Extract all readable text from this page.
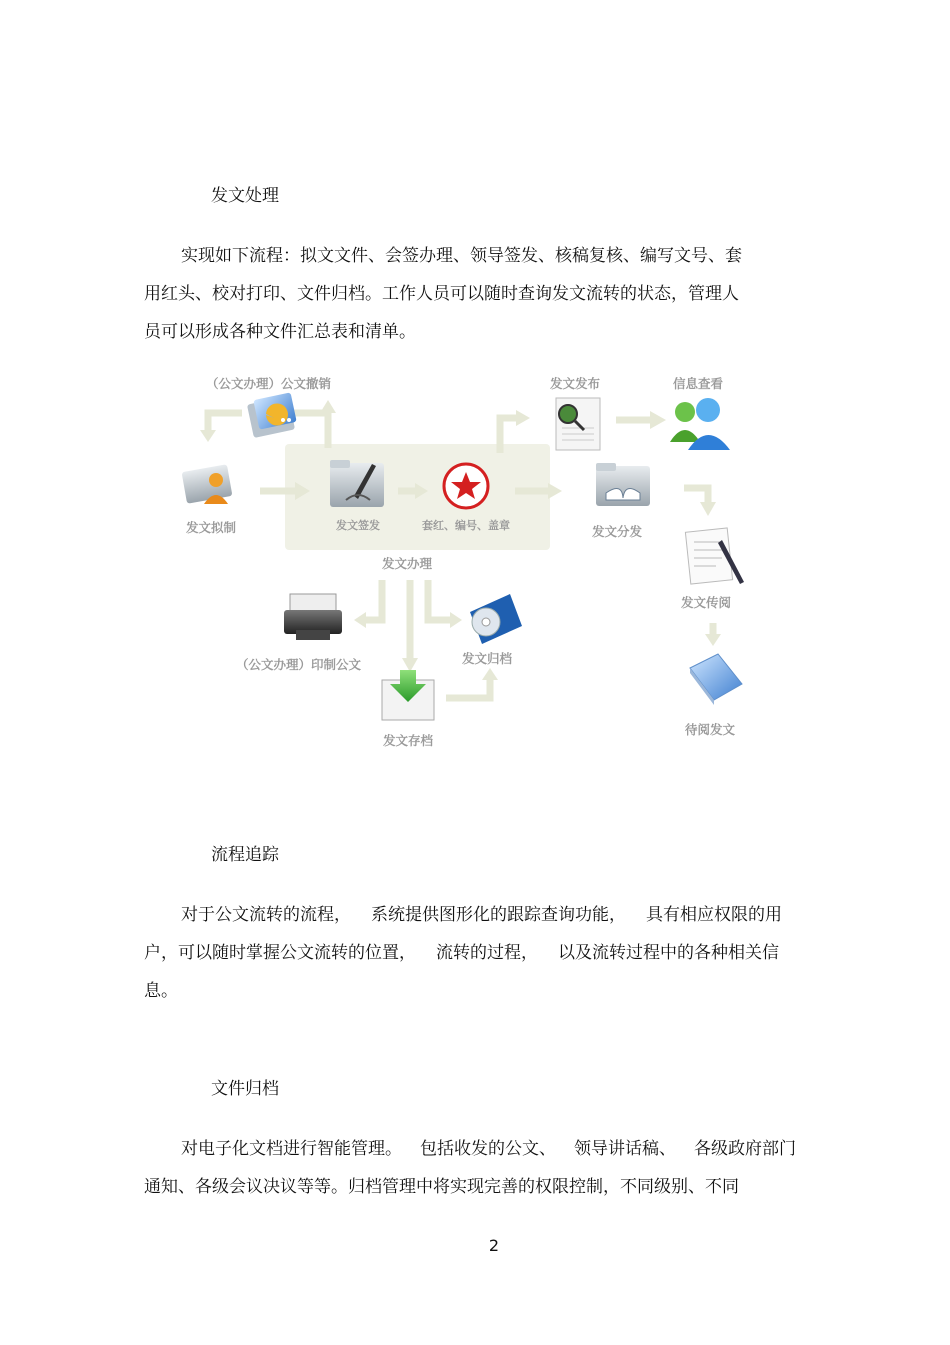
发文处理
实现如下流程：拟文文件、会签办理、领导签发、核稿复核、编写文号、套
用红头、校对打印、文件归档。工作人员可以随时查询发文流转的状态，管理人
员可以形成各种文件汇总表和清单。
（公文办理）公文撤销
发文拟制	发文签发	套红、编号、盖章
发文办理
发文发布	信息查看
发文分发
发文传阅
待阅发文
（公文办理）印制公文	发文归档
发文存档
流程追踪
对于公文流转的流程， 系统提供图形化的跟踪查询功能， 具有相应权限的用
户，可以随时掌握公文流转的位置， 流转的过程， 以及流转过程中的各种相关信
息。
文件归档
对电子化文档进行智能管理。 包括收发的公文、 领导讲话稿、 各级政府部门
通知、各级会议决议等等。归档管理中将实现完善的权限控制，不同级别、不同
2
